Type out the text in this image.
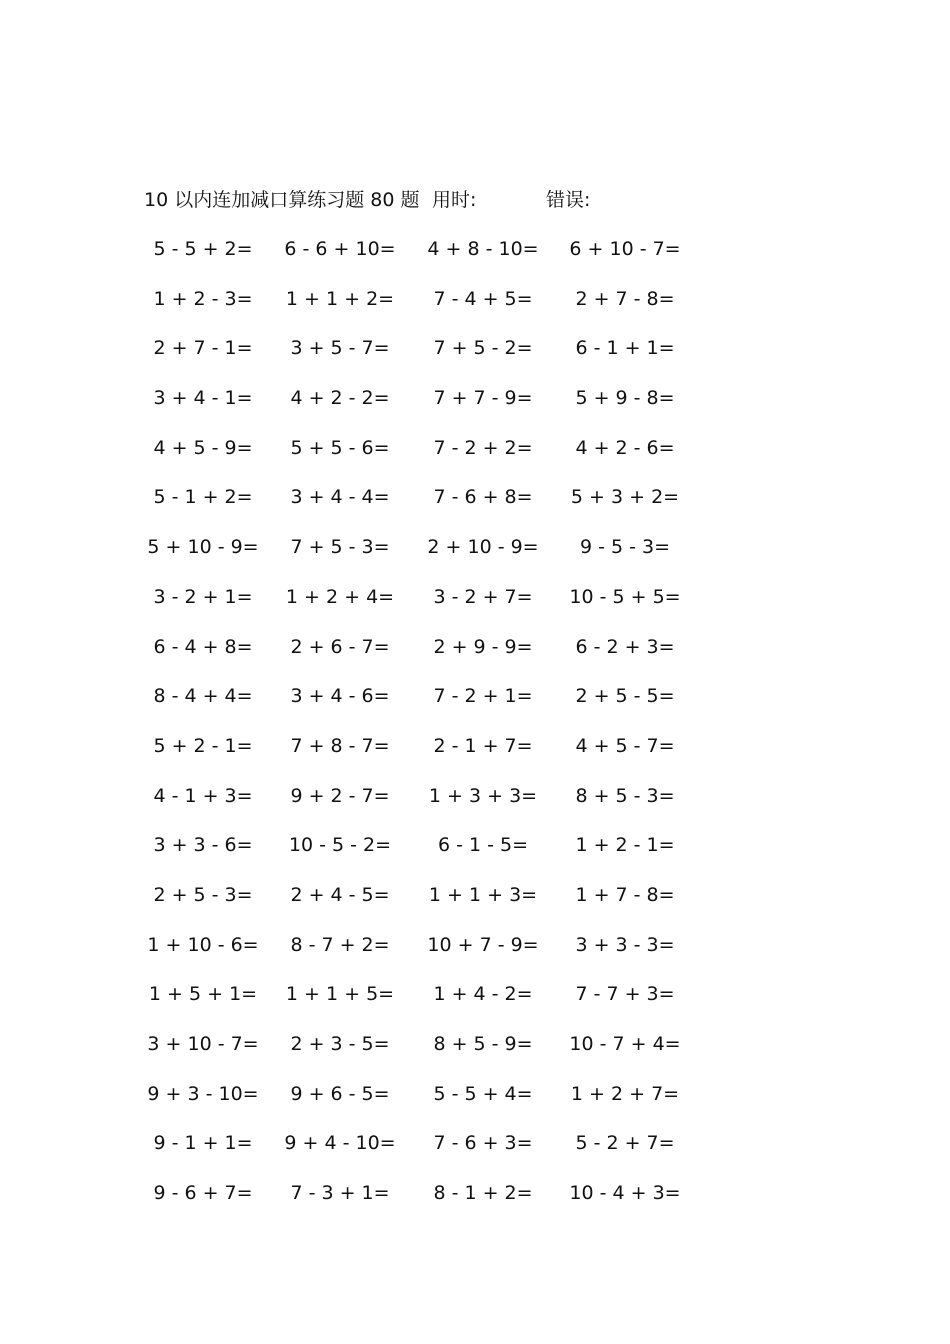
10 以内连加减口算练习题 80 题 用时:	错误:
5 - 5 + 2=	6 - 6 + 10=	4 + 8 - 10=	6 + 10 - 7=
1 + 2 - 3=	1 + 1 + 2=	7 - 4 + 5=	2 + 7 - 8=
2 + 7 - 1=	3 + 5 - 7=	7 + 5 - 2=	6 - 1 + 1=
3 + 4 - 1=	4 + 2 - 2=	7 + 7 - 9=	5 + 9 - 8=
4 + 5 - 9=	5 + 5 - 6=	7 - 2 + 2=	4 + 2 - 6=
5 - 1 + 2=	3 + 4 - 4=	7 - 6 + 8=	5 + 3 + 2=
5 + 10 - 9=	7 + 5 - 3=	2 + 10 - 9=	9 - 5 - 3=
3 - 2 + 1=	1 + 2 + 4=	3 - 2 + 7=	10 - 5 + 5=
6 - 4 + 8=	2 + 6 - 7=	2 + 9 - 9=	6 - 2 + 3=
8 - 4 + 4=	3 + 4 - 6=	7 - 2 + 1=	2 + 5 - 5=
5 + 2 - 1=	7 + 8 - 7=	2 - 1 + 7=	4 + 5 - 7=
4 - 1 + 3=	9 + 2 - 7=	1 + 3 + 3=	8 + 5 - 3=
3 + 3 - 6=	10 - 5 - 2=	6 - 1 - 5=	1 + 2 - 1=
2 + 5 - 3=	2 + 4 - 5=	1 + 1 + 3=	1 + 7 - 8=
1 + 10 - 6=	8 - 7 + 2=	10 + 7 - 9=	3 + 3 - 3=
1 + 5 + 1=	1 + 1 + 5=	1 + 4 - 2=	7 - 7 + 3=
3 + 10 - 7=	2 + 3 - 5=	8 + 5 - 9=	10 - 7 + 4=
9 + 3 - 10=	9 + 6 - 5=	5 - 5 + 4=	1 + 2 + 7=
9 - 1 + 1=	9 + 4 - 10=	7 - 6 + 3=	5 - 2 + 7=
9 - 6 + 7=	7 - 3 + 1=	8 - 1 + 2=	10 - 4 + 3=
